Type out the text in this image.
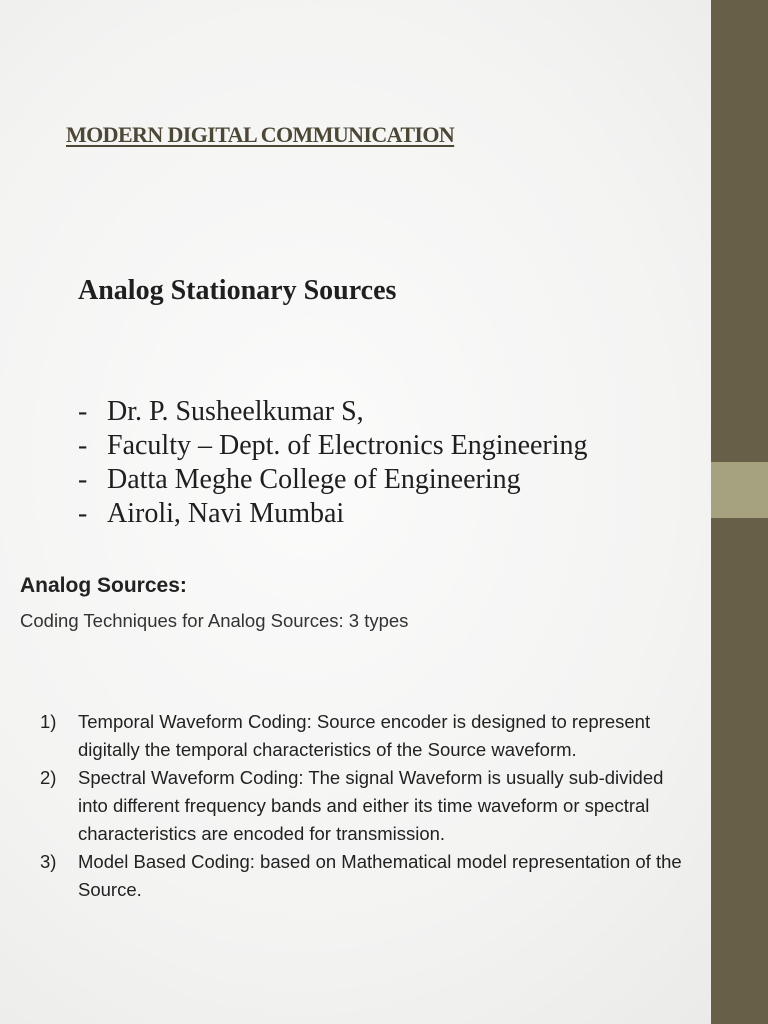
MODERN DIGITAL COMMUNICATION
Analog Stationary Sources
- Dr. P. Susheelkumar S,
- Faculty – Dept. of Electronics Engineering
- Datta Meghe College of Engineering
- Airoli, Navi Mumbai
Analog Sources:
Coding Techniques for Analog Sources: 3 types
1) Temporal Waveform Coding: Source encoder is designed to represent digitally the temporal characteristics of the Source waveform.
2) Spectral Waveform Coding: The signal Waveform is usually sub-divided into different frequency bands and either its time waveform or spectral characteristics are encoded for transmission.
3) Model Based Coding: based on Mathematical model representation of the Source.
